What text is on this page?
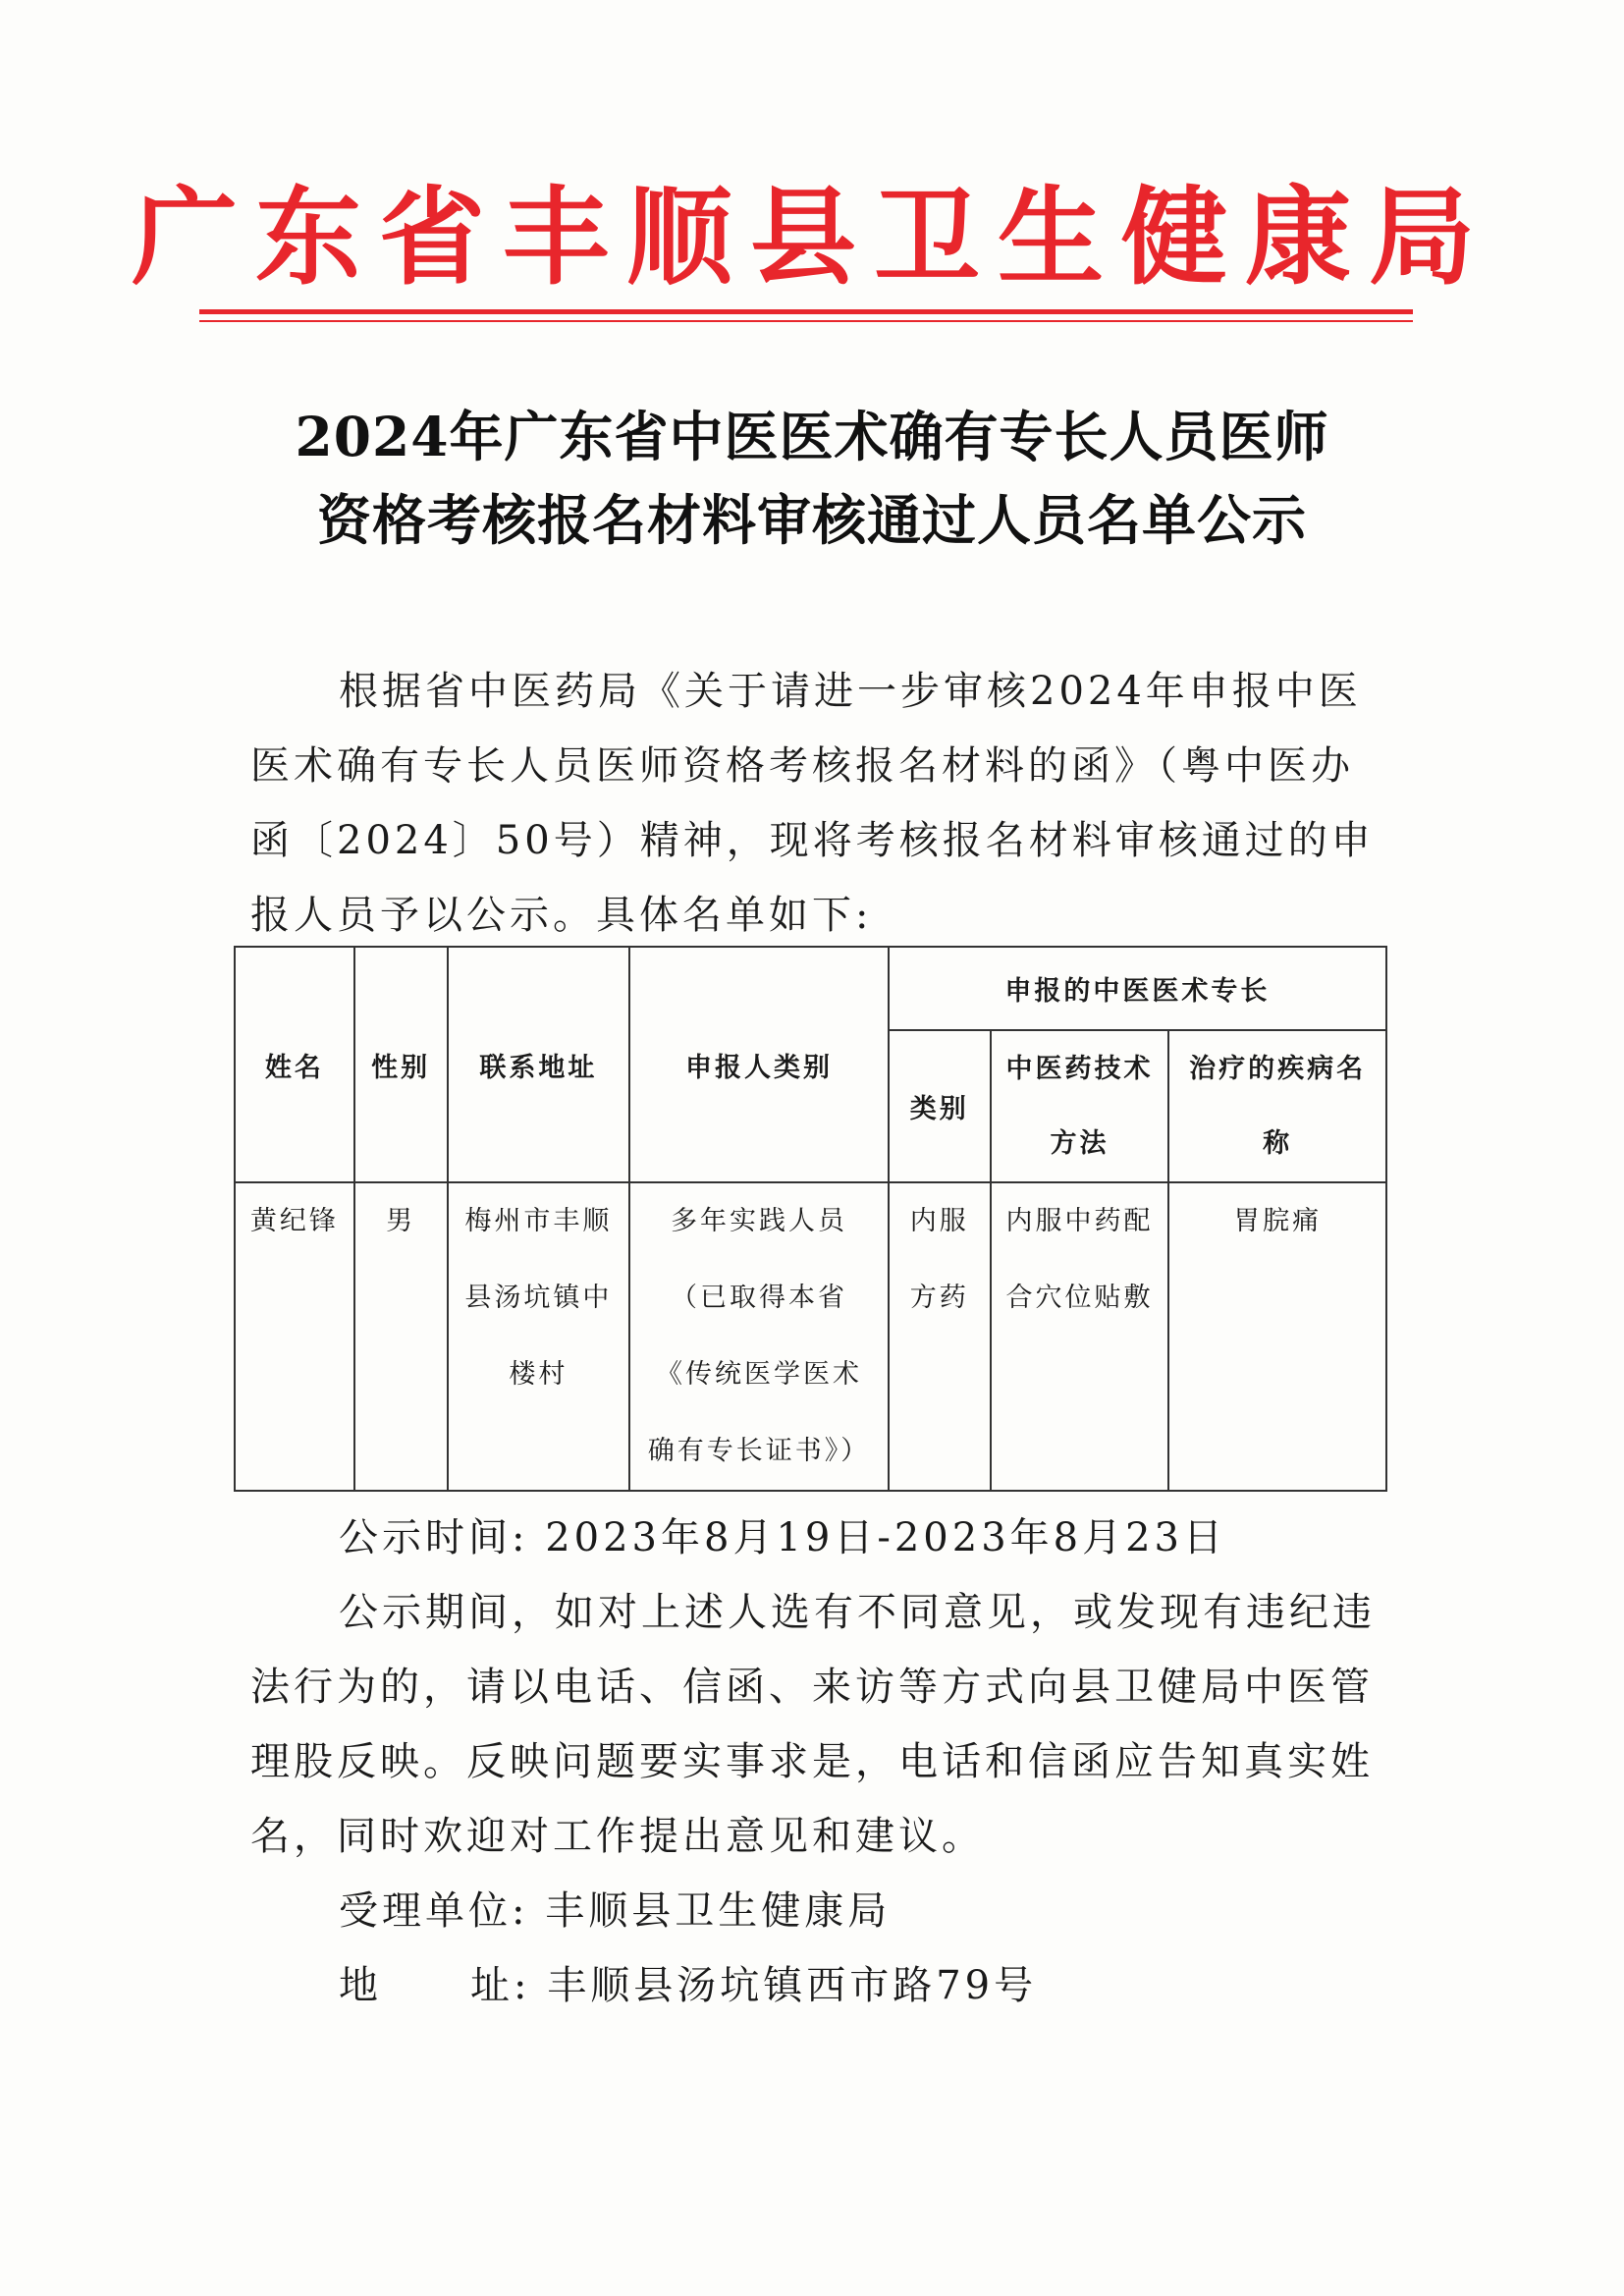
广东省丰顺县卫生健康局
2024年广东省中医医术确有专长人员医师
资格考核报名材料审核通过人员名单公示

根据省中医药局《关于请进一步审核2024年申报中医医术确有专长人员医师资格考核报名材料的函》（粤中医办函〔2024〕50号）精神，现将考核报名材料审核通过的申报人员予以公示。具体名单如下:

姓名	性别	联系地址	申报人类别	申报的中医医术专长		
				类别	中医药技术方法	治疗的疾病名称
黄纪锋	男	梅州市丰顺县汤坑镇中楼村	多年实践人员（已取得本省《传统医学医术确有专长证书》）	内服方药	内服中药配合穴位贴敷	胃脘痛

公示时间: 2023年8月19日-2023年8月23日

公示期间，如对上述人选有不同意见，或发现有违纪违法行为的，请以电话、信函、来访等方式向县卫健局中医管理股反映。反映问题要实事求是，电话和信函应告知真实姓名，同时欢迎对工作提出意见和建议。

受理单位: 丰顺县卫生健康局

地 址: 丰顺县汤坑镇西市路79号
